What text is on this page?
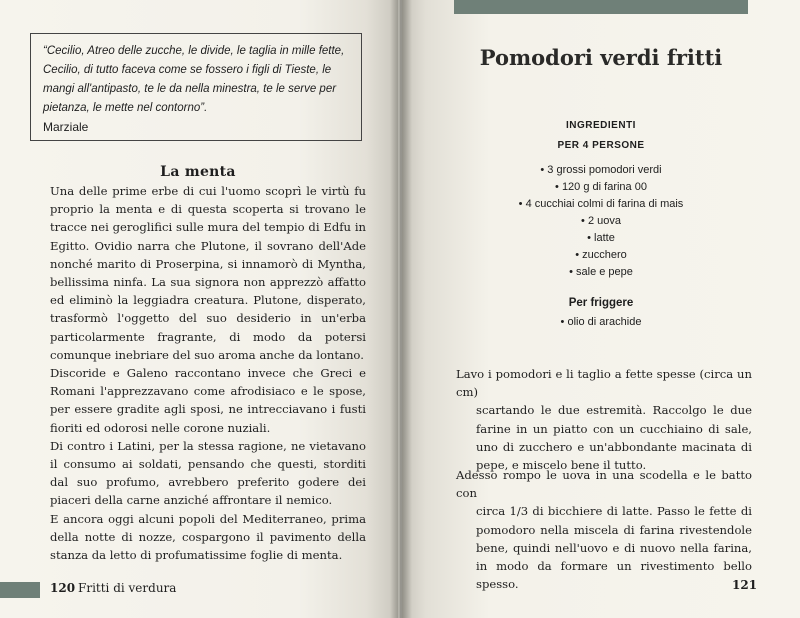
“Cecilio, Atreo delle zucche, le divide, le taglia in mille fette, Cecilio, di tutto faceva come se fossero i figli di Tieste, le mangi all'antipasto, te le da nella minestra, te le serve per pietanza, le mette nel contorno”.

Marziale

La menta

Una delle prime erbe di cui l'uomo scoprì le virtù fu proprio la menta e di questa scoperta si trovano le tracce nei geroglifici sulle mura del tempio di Edfu in Egitto. Ovidio narra che Plutone, il sovrano dell'Ade nonché marito di Proserpina, si innamorò di Myntha, bellissima ninfa. La sua signora non apprezzò affatto ed eliminò la leggiadra creatura. Plutone, disperato, trasformò l'oggetto del suo desiderio in un'erba particolarmente fragrante, di modo da potersi comunque inebriare del suo aroma anche da lontano.

Discoride e Galeno raccontano invece che Greci e Romani l'apprezzavano come afrodisiaco e le spose, per essere gradite agli sposi, ne intrecciavano i fusti fioriti ed odorosi nelle corone nuziali.

Di contro i Latini, per la stessa ragione, ne vietavano il consumo ai soldati, pensando che questi, storditi dal suo profumo, avrebbero preferito godere dei piaceri della carne anziché affrontare il nemico.

E ancora oggi alcuni popoli del Mediterraneo, prima della notte di nozze, cospargono il pavimento della stanza da letto di profumatissime foglie di menta.

120 Fritti di verdura
Pomodori verdi fritti
INGREDIENTI
PER 4 PERSONE
• 3 grossi pomodori verdi
• 120 g di farina 00
• 4 cucchiai colmi di farina di mais
• 2 uova
• latte
• zucchero
• sale e pepe
Per friggere
• olio di arachide

Lavo i pomodori e li taglio a fette spesse (circa un cm)
scartando le due estremità. Raccolgo le due farine in un piatto con un cucchiaino di sale, uno di zucchero e un'abbondante macinata di pepe, e miscelo bene il tutto.

Adesso rompo le uova in una scodella e le batto con
circa 1/3 di bicchiere di latte. Passo le fette di pomodoro nella miscela di farina rivestendole bene, quindi nell'uovo e di nuovo nella farina, in modo da formare un rivestimento bello spesso.	121
